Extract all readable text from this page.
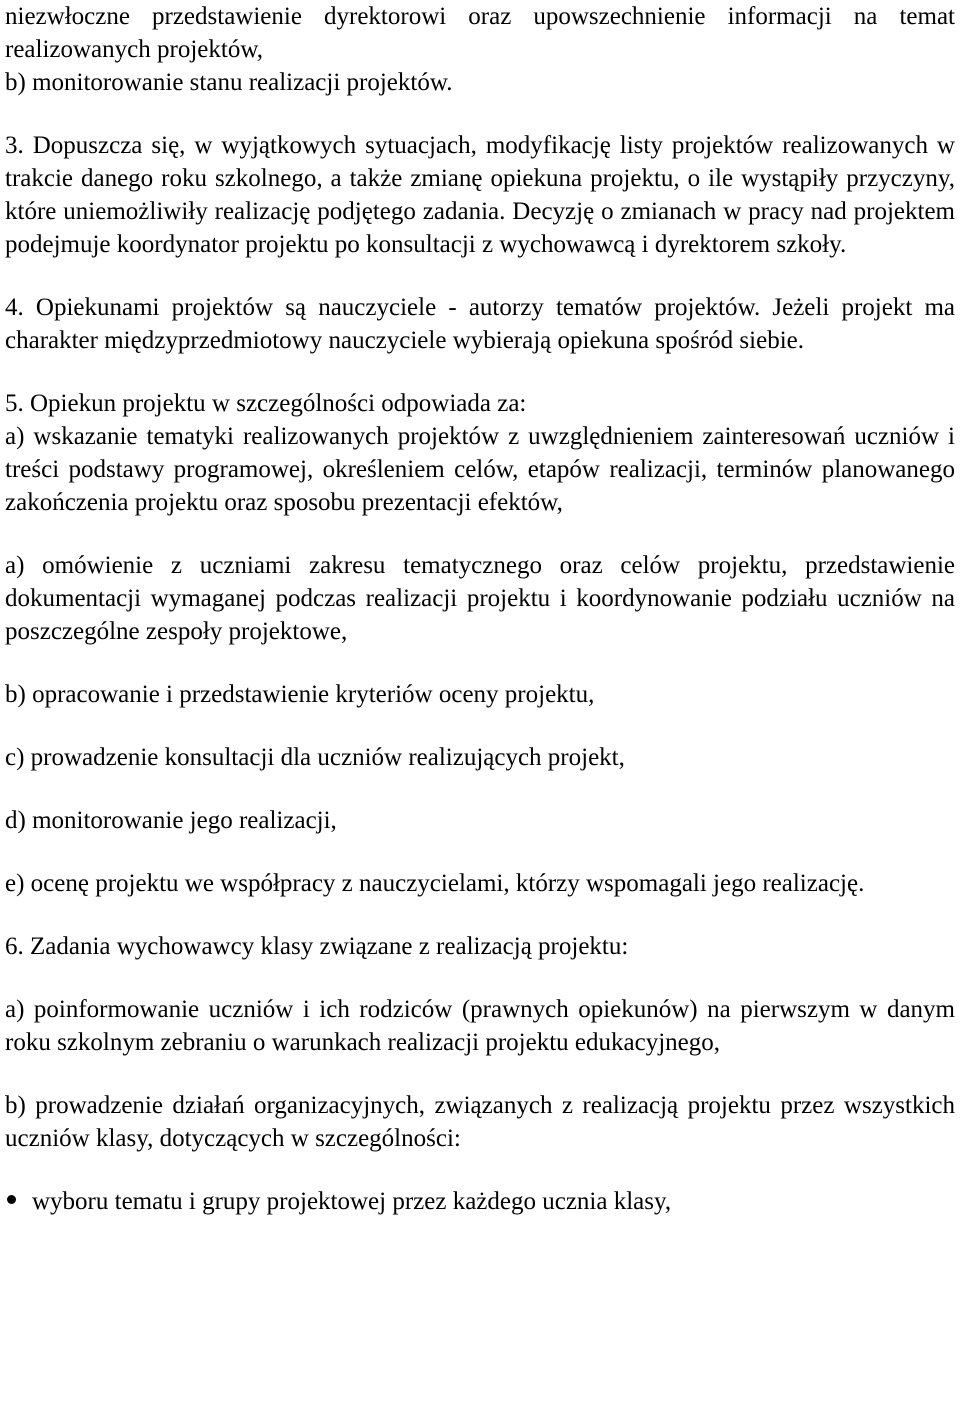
niezwłoczne przedstawienie dyrektorowi oraz upowszechnienie informacji na temat realizowanych projektów,

b) monitorowanie stanu realizacji projektów.

3. Dopuszcza się, w wyjątkowych sytuacjach, modyfikację listy projektów realizowanych w trakcie danego roku szkolnego, a także zmianę opiekuna projektu, o ile wystąpiły przyczyny, które uniemożliwiły realizację podjętego zadania. Decyzję o zmianach w pracy nad projektem podejmuje koordynator projektu po konsultacji z wychowawcą i dyrektorem szkoły.

4. Opiekunami projektów są nauczyciele - autorzy tematów projektów. Jeżeli projekt ma charakter międzyprzedmiotowy nauczyciele wybierają opiekuna spośród siebie.

5. Opiekun projektu w szczególności odpowiada za:

a) wskazanie tematyki realizowanych projektów z uwzględnieniem zainteresowań uczniów i treści podstawy programowej, określeniem celów, etapów realizacji, terminów planowanego zakończenia projektu oraz sposobu prezentacji efektów,

a) omówienie z uczniami zakresu tematycznego oraz celów projektu, przedstawienie dokumentacji wymaganej podczas realizacji projektu i koordynowanie podziału uczniów na poszczególne zespoły projektowe,

b) opracowanie i przedstawienie kryteriów oceny projektu,

c) prowadzenie konsultacji dla uczniów realizujących projekt,

d) monitorowanie jego realizacji,

e) ocenę projektu we współpracy z nauczycielami, którzy wspomagali jego realizację.

6. Zadania wychowawcy klasy związane z realizacją projektu:

a) poinformowanie uczniów i ich rodziców (prawnych opiekunów) na pierwszym w danym roku szkolnym zebraniu o warunkach realizacji projektu edukacyjnego,

b) prowadzenie działań organizacyjnych, związanych z realizacją projektu przez wszystkich uczniów klasy, dotyczących w szczególności:

wyboru tematu i grupy projektowej przez każdego ucznia klasy,
